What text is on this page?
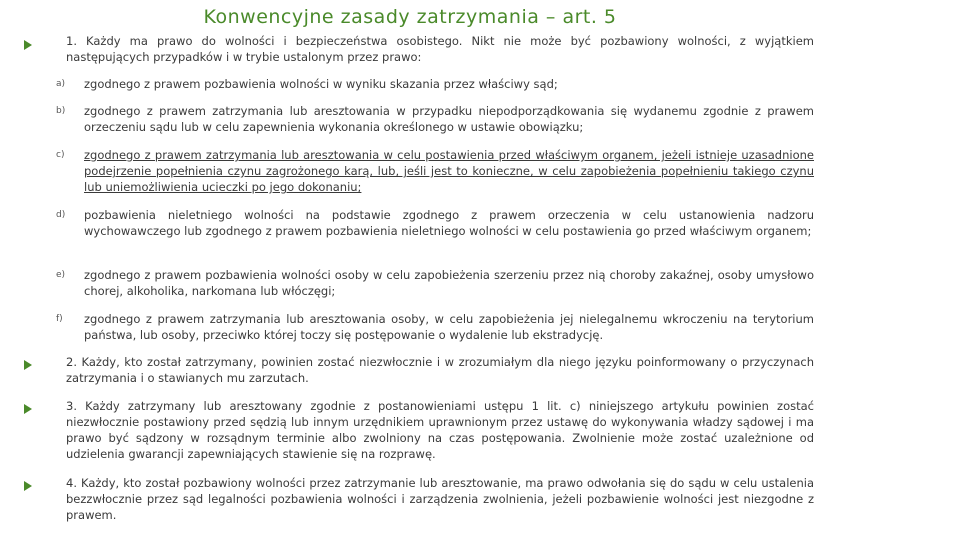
Konwencyjne zasady zatrzymania – art. 5

1. Każdy ma prawo do wolności i bezpieczeństwa osobistego. Nikt nie może być pozbawiony wolności, z wyjątkiem następujących przypadków i w trybie ustalonym przez prawo:

a) zgodnego z prawem pozbawienia wolności w wyniku skazania przez właściwy sąd;

b) zgodnego z prawem zatrzymania lub aresztowania w przypadku niepodporządkowania się wydanemu zgodnie z prawem orzeczeniu sądu lub w celu zapewnienia wykonania określonego w ustawie obowiązku;

c) zgodnego z prawem zatrzymania lub aresztowania w celu postawienia przed właściwym organem, jeżeli istnieje uzasadnione podejrzenie popełnienia czynu zagrożonego karą, lub, jeśli jest to konieczne, w celu zapobieżenia popełnieniu takiego czynu lub uniemożliwienia ucieczki po jego dokonaniu;

d) pozbawienia nieletniego wolności na podstawie zgodnego z prawem orzeczenia w celu ustanowienia nadzoru wychowawczego lub zgodnego z prawem pozbawienia nieletniego wolności w celu postawienia go przed właściwym organem;

e) zgodnego z prawem pozbawienia wolności osoby w celu zapobieżenia szerzeniu przez nią choroby zakaźnej, osoby umysłowo chorej, alkoholika, narkomana lub włóczęgi;

f) zgodnego z prawem zatrzymania lub aresztowania osoby, w celu zapobieżenia jej nielegalnemu wkroczeniu na terytorium państwa, lub osoby, przeciwko której toczy się postępowanie o wydalenie lub ekstradycję.

2. Każdy, kto został zatrzymany, powinien zostać niezwłocznie i w zrozumiałym dla niego języku poinformowany o przyczynach zatrzymania i o stawianych mu zarzutach.

3. Każdy zatrzymany lub aresztowany zgodnie z postanowieniami ustępu 1 lit. c) niniejszego artykułu powinien zostać niezwłocznie postawiony przed sędzią lub innym urzędnikiem uprawnionym przez ustawę do wykonywania władzy sądowej i ma prawo być sądzony w rozsądnym terminie albo zwolniony na czas postępowania. Zwolnienie może zostać uzależnione od udzielenia gwarancji zapewniających stawienie się na rozprawę.

4. Każdy, kto został pozbawiony wolności przez zatrzymanie lub aresztowanie, ma prawo odwołania się do sądu w celu ustalenia bezzwłocznie przez sąd legalności pozbawienia wolności i zarządzenia zwolnienia, jeżeli pozbawienie wolności jest niezgodne z prawem.
